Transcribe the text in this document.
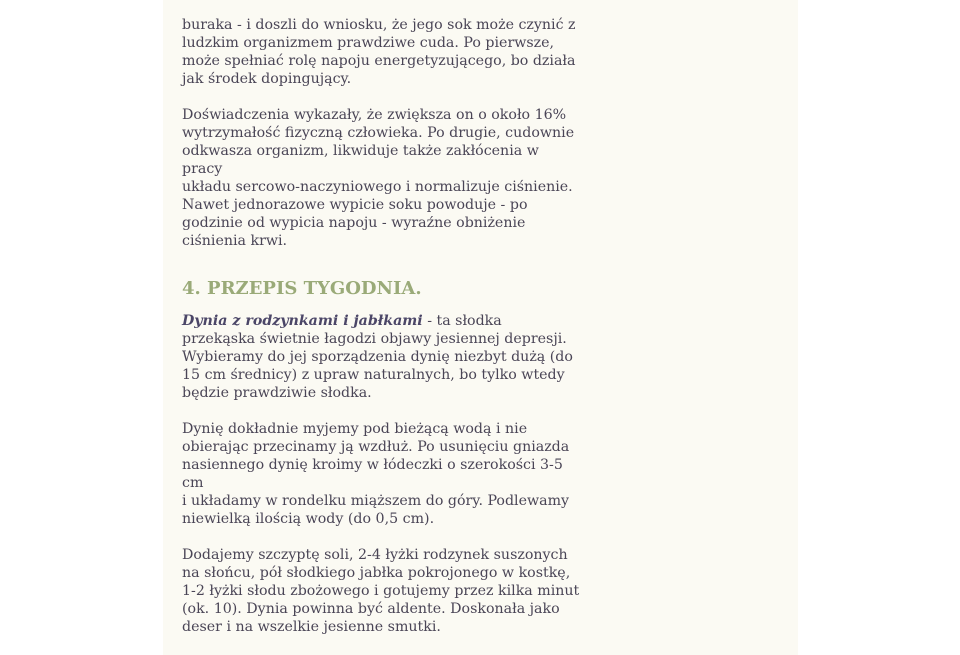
buraka - i doszli do wniosku, że jego sok może czynić z
ludzkim organizmem prawdziwe cuda. Po pierwsze,
może spełniać rolę napoju energetyzującego, bo działa
jak środek dopingujący.

Doświadczenia wykazały, że zwiększa on o około 16%
wytrzymałość fizyczną człowieka. Po drugie, cudownie
odkwasza organizm, likwiduje także zakłócenia w pracy
układu sercowo-naczyniowego i normalizuje ciśnienie.
Nawet jednorazowe wypicie soku powoduje - po
godzinie od wypicia napoju - wyraźne obniżenie
ciśnienia krwi.

4. PRZEPIS TYGODNIA.

Dynia z rodzynkami i jabłkami - ta słodka
przekąska świetnie łagodzi objawy jesiennej depresji.
Wybieramy do jej sporządzenia dynię niezbyt dużą (do
15 cm średnicy) z upraw naturalnych, bo tylko wtedy
będzie prawdziwie słodka.

Dynię dokładnie myjemy pod bieżącą wodą i nie
obierając przecinamy ją wzdłuż. Po usunięciu gniazda
nasiennego dynię kroimy w łódeczki o szerokości 3-5 cm
i układamy w rondelku miąższem do góry. Podlewamy
niewielką ilością wody (do 0,5 cm).

Dodajemy szczyptę soli, 2-4 łyżki rodzynek suszonych
na słońcu, pół słodkiego jabłka pokrojonego w kostkę,
1-2 łyżki słodu zbożowego i gotujemy przez kilka minut
(ok. 10). Dynia powinna być aldente. Doskonała jako
deser i na wszelkie jesienne smutki.
